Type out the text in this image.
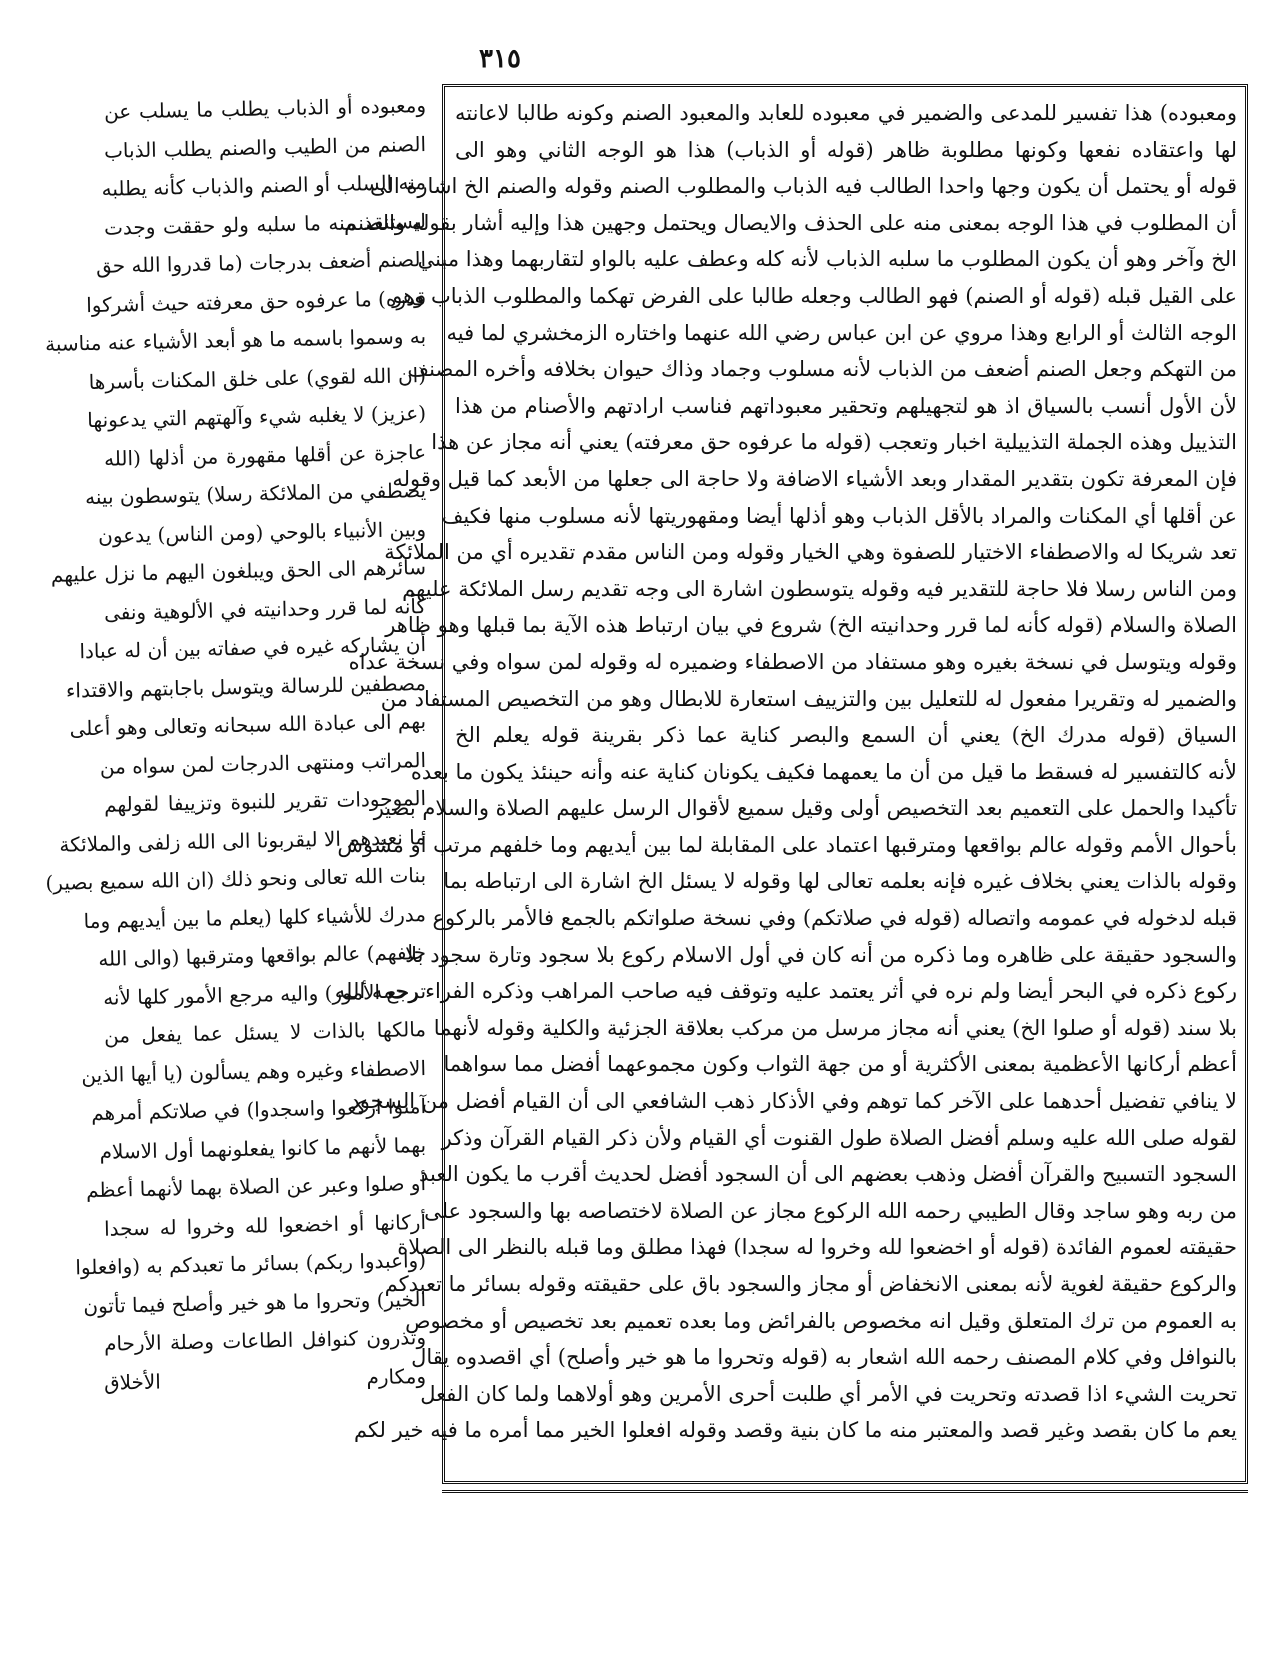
٣١٥

ومعبوده أو الذباب يطلب ما يسلب عن

الصنم من الطيب والصنم يطلب الذباب

منه السلب أو الصنم والذباب كأنه يطلبه

ليستنقذ منه ما سلبه ولو حققت وجدت

الصنم أضعف بدرجات (ما قدروا الله حق

قدره) ما عرفوه حق معرفته حيث أشركوا

به وسموا باسمه ما هو أبعد الأشياء عنه مناسبة

(ان الله لقوي) على خلق المكنات بأسرها

(عزيز) لا يغلبه شيء وآلهتهم التي يدعونها

عاجزة عن أقلها مقهورة من أذلها (الله

يصطفي من الملائكة رسلا) يتوسطون بينه

وبين الأنبياء بالوحي (ومن الناس) يدعون

سائرهم الى الحق ويبلغون اليهم ما نزل عليهم

كأنه لما قرر وحدانيته في الألوهية ونفى

أن يشاركه غيره في صفاته بين أن له عبادا

مصطفين للرسالة ويتوسل باجابتهم والاقتداء

بهم الى عبادة الله سبحانه وتعالى وهو أعلى

المراتب ومنتهى الدرجات لمن سواه من

الموجودات تقرير للنبوة وتزييفا لقولهم

ما نعبدهم الا ليقربونا الى الله زلفى والملائكة

بنات الله تعالى ونحو ذلك (ان الله سميع بصير)

مدرك للأشياء كلها (يعلم ما بين أيديهم وما

خلفهم) عالم بواقعها ومترقبها (والى الله

ترجع الأمور) واليه مرجع الأمور كلها لأنه

مالكها بالذات لا يسئل عما يفعل من

الاصطفاء وغيره وهم يسألون (يا أيها الذين

آمنوا اركعوا واسجدوا) في صلاتكم أمرهم

بهما لأنهم ما كانوا يفعلونهما أول الاسلام

أو صلوا وعبر عن الصلاة بهما لأنهما أعظم

أركانها أو اخضعوا لله وخروا له سجدا

(واعبدوا ربكم) بسائر ما تعبدكم به (وافعلوا

الخير) وتحروا ما هو خير وأصلح فيما تأتون

وتذرون كنوافل الطاعات وصلة الأرحام

ومكارم الأخلاق

ومعبوده) هذا تفسير للمدعى والضمير في معبوده للعابد والمعبود الصنم وكونه طالبا لاعانته

لها واعتقاده نفعها وكونها مطلوبة ظاهر (قوله أو الذباب) هذا هو الوجه الثاني وهو الى

قوله أو يحتمل أن يكون وجها واحدا الطالب فيه الذباب والمطلوب الصنم وقوله والصنم الخ اشارة الى

أن المطلوب في هذا الوجه بمعنى منه على الحذف والايصال ويحتمل وجهين هذا وإليه أشار بقوله والصنم

الخ وآخر وهو أن يكون المطلوب ما سلبه الذباب لأنه كله وعطف عليه بالواو لتقاربهما وهذا مبني

على القيل قبله (قوله أو الصنم) فهو الطالب وجعله طالبا على الفرض تهكما والمطلوب الذباب وهو

الوجه الثالث أو الرابع وهذا مروي عن ابن عباس رضي الله عنهما واختاره الزمخشري لما فيه

من التهكم وجعل الصنم أضعف من الذباب لأنه مسلوب وجماد وذاك حيوان بخلافه وأخره المصنف

لأن الأول أنسب بالسياق اذ هو لتجهيلهم وتحقير معبوداتهم فناسب ارادتهم والأصنام من هذا

التذييل وهذه الجملة التذييلية اخبار وتعجب (قوله ما عرفوه حق معرفته) يعني أنه مجاز عن هذا

فإن المعرفة تكون بتقدير المقدار وبعد الأشياء الاضافة ولا حاجة الى جعلها من الأبعد كما قيل وقوله

عن أقلها أي المكنات والمراد بالأقل الذباب وهو أذلها أيضا ومقهوريتها لأنه مسلوب منها فكيف

تعد شريكا له والاصطفاء الاختيار للصفوة وهي الخيار وقوله ومن الناس مقدم تقديره أي من الملائكة

ومن الناس رسلا فلا حاجة للتقدير فيه وقوله يتوسطون اشارة الى وجه تقديم رسل الملائكة عليهم

الصلاة والسلام (قوله كأنه لما قرر وحدانيته الخ) شروع في بيان ارتباط هذه الآية بما قبلها وهو ظاهر

وقوله ويتوسل في نسخة بغيره وهو مستفاد من الاصطفاء وضميره له وقوله لمن سواه وفي نسخة عداه

والضمير له وتقريرا مفعول له للتعليل بين والتزييف استعارة للابطال وهو من التخصيص المستفاد من

السياق (قوله مدرك الخ) يعني أن السمع والبصر كناية عما ذكر بقرينة قوله يعلم الخ

لأنه كالتفسير له فسقط ما قيل من أن ما يعمهما فكيف يكونان كناية عنه وأنه حينئذ يكون ما بعده

تأكيدا والحمل على التعميم بعد التخصيص أولى وقيل سميع لأقوال الرسل عليهم الصلاة والسلام بصير

بأحوال الأمم وقوله عالم بواقعها ومترقبها اعتماد على المقابلة لما بين أيديهم وما خلفهم مرتب أو مشوش

وقوله بالذات يعني بخلاف غيره فإنه بعلمه تعالى لها وقوله لا يسئل الخ اشارة الى ارتباطه بما

قبله لدخوله في عمومه واتصاله (قوله في صلاتكم) وفي نسخة صلواتكم بالجمع فالأمر بالركوع

والسجود حقيقة على ظاهره وما ذكره من أنه كان في أول الاسلام ركوع بلا سجود وتارة سجود بلا

ركوع ذكره في البحر أيضا ولم نره في أثر يعتمد عليه وتوقف فيه صاحب المراهب وذكره الفراء رحمه الله

بلا سند (قوله أو صلوا الخ) يعني أنه مجاز مرسل من مركب بعلاقة الجزئية والكلية وقوله لأنهما

أعظم أركانها الأعظمية بمعنى الأكثرية أو من جهة الثواب وكون مجموعهما أفضل مما سواهما

لا ينافي تفضيل أحدهما على الآخر كما توهم وفي الأذكار ذهب الشافعي الى أن القيام أفضل من السجود

لقوله صلى الله عليه وسلم أفضل الصلاة طول القنوت أي القيام ولأن ذكر القيام القرآن وذكر

السجود التسبيح والقرآن أفضل وذهب بعضهم الى أن السجود أفضل لحديث أقرب ما يكون العبد

من ربه وهو ساجد وقال الطيبي رحمه الله الركوع مجاز عن الصلاة لاختصاصه بها والسجود على

حقيقته لعموم الفائدة (قوله أو اخضعوا لله وخروا له سجدا) فهذا مطلق وما قبله بالنظر الى الصلاة

والركوع حقيقة لغوية لأنه بمعنى الانخفاض أو مجاز والسجود باق على حقيقته وقوله بسائر ما تعبدكم

به العموم من ترك المتعلق وقيل انه مخصوص بالفرائض وما بعده تعميم بعد تخصيص أو مخصوص

بالنوافل وفي كلام المصنف رحمه الله اشعار به (قوله وتحروا ما هو خير وأصلح) أي اقصدوه يقال

تحريت الشيء اذا قصدته وتحريت في الأمر أي طلبت أحرى الأمرين وهو أولاهما ولما كان الفعل

يعم ما كان بقصد وغير قصد والمعتبر منه ما كان بنية وقصد وقوله افعلوا الخير مما أمره ما فيه خير لكم
